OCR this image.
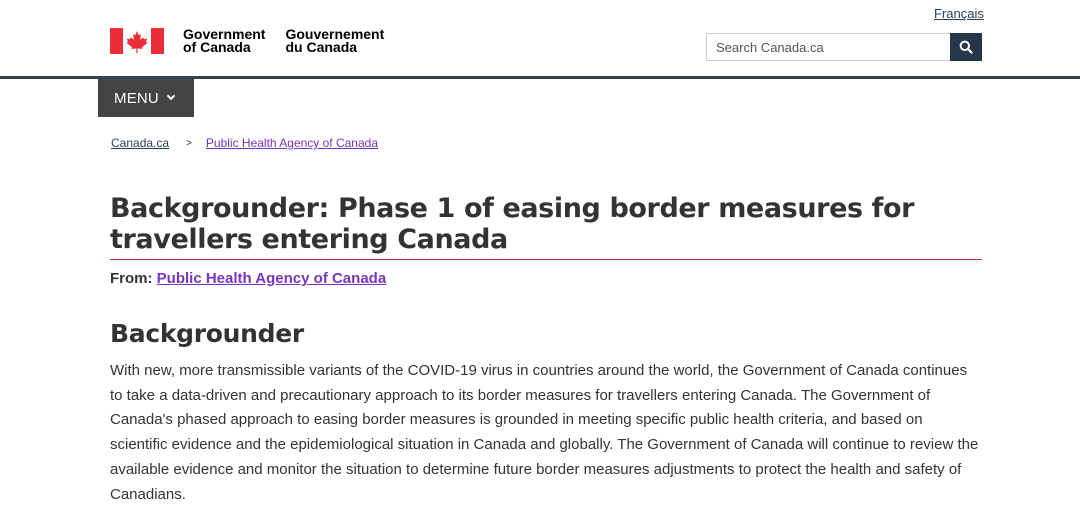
Français
Government
of Canada
Gouvernement
du Canada
Search Canada.ca
MENU
Canada.ca > Public Health Agency of Canada
Backgrounder: Phase 1 of easing border measures for travellers entering Canada

From: Public Health Agency of Canada

Backgrounder

With new, more transmissible variants of the COVID-19 virus in countries around the world, the Government of Canada continues to take a data-driven and precautionary approach to its border measures for travellers entering Canada. The Government of Canada's phased approach to easing border measures is grounded in meeting specific public health criteria, and based on scientific evidence and the epidemiological situation in Canada and globally. The Government of Canada will continue to review the available evidence and monitor the situation to determine future border measures adjustments to protect the health and safety of Canadians.
